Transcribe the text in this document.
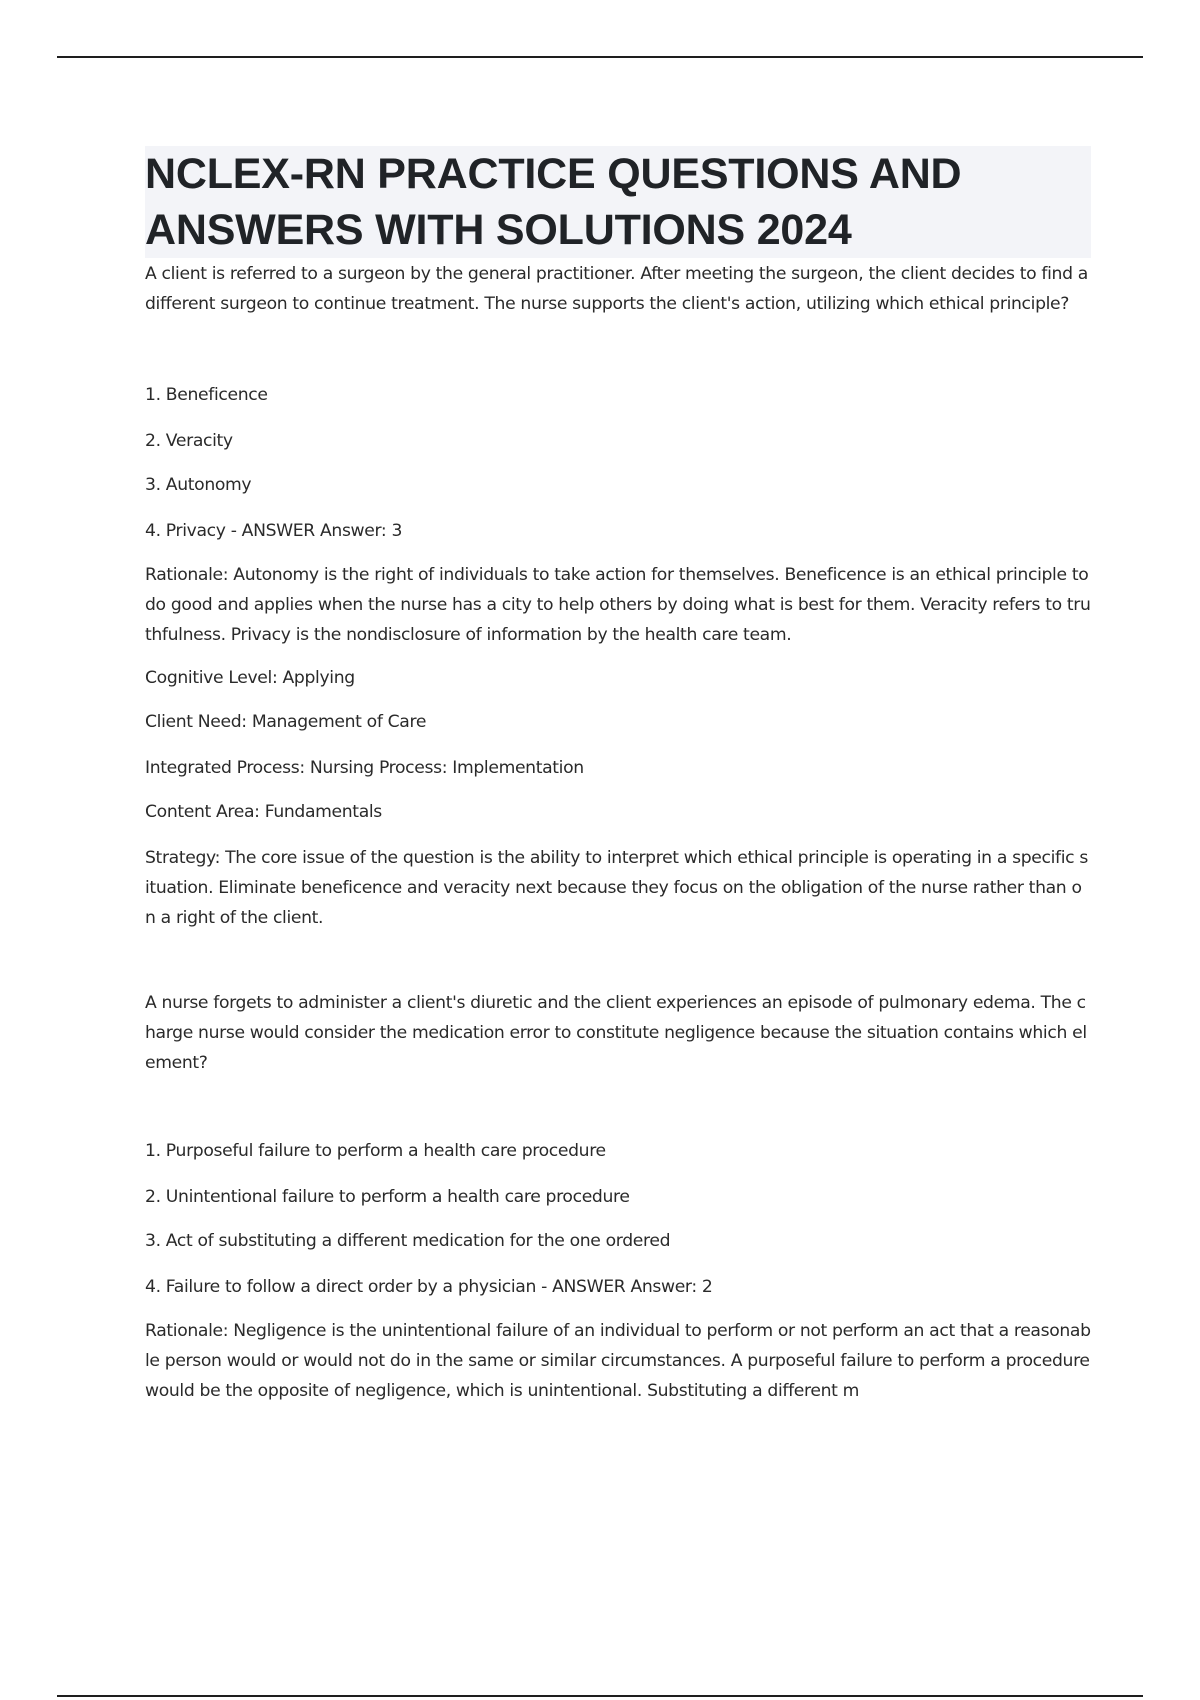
NCLEX-RN PRACTICE QUESTIONS AND ANSWERS WITH SOLUTIONS 2024

A client is referred to a surgeon by the general practitioner. After meeting the surgeon, the client decides to find a different surgeon to continue treatment. The nurse supports the client's action, utilizing which ethical principle?

1. Beneficence

2. Veracity

3. Autonomy

4. Privacy - ANSWER Answer: 3

Rationale: Autonomy is the right of individuals to take action for themselves. Beneficence is an ethical principle to do good and applies when the nurse has a city to help others by doing what is best for them. Veracity refers to truthfulness. Privacy is the nondisclosure of information by the health care team.

Cognitive Level: Applying

Client Need: Management of Care

Integrated Process: Nursing Process: Implementation

Content Area: Fundamentals

Strategy: The core issue of the question is the ability to interpret which ethical principle is operating in a specific situation. Eliminate beneficence and veracity next because they focus on the obligation of the nurse rather than on a right of the client.

A nurse forgets to administer a client's diuretic and the client experiences an episode of pulmonary edema. The charge nurse would consider the medication error to constitute negligence because the situation contains which element?

1. Purposeful failure to perform a health care procedure

2. Unintentional failure to perform a health care procedure

3. Act of substituting a different medication for the one ordered

4. Failure to follow a direct order by a physician - ANSWER Answer: 2

Rationale: Negligence is the unintentional failure of an individual to perform or not perform an act that a reasonable person would or would not do in the same or similar circumstances. A purposeful failure to perform a procedure would be the opposite of negligence, which is unintentional. Substituting a different m
